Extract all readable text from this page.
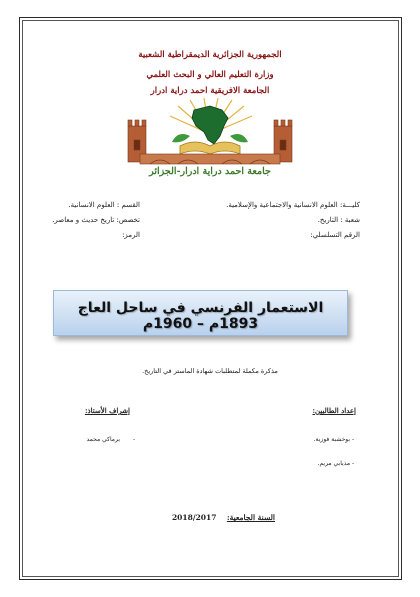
الجمهورية الجزائرية الديمقراطية الشعبية
وزارة التعليم العالي و البحث العلمي
الجامعة الافريقية احمد دراية ادرار
جامعة احمد دراية ادرار-الجزائر
كليـــة: العلوم الانسانية والاجتماعية والإسلامية.
شعبة : التاريخ.
الرقم التسلسلي:
القسم : العلوم الانسانية.
تخصص: تاريخ حديث و معاصر.
الرمز:
الاستعمار الفرنسي في ساحل العاج 1893م – 1960م
مذكرة مكملة لمتطلبات شهادة الماستر في التاريخ.
إعداد الطالبين:
- بوخشبة فوزية.
- مذيابي مريم.
إشراف الأستاذ:
برماكي محمد -
السنة الجامعية: 2018/2017
